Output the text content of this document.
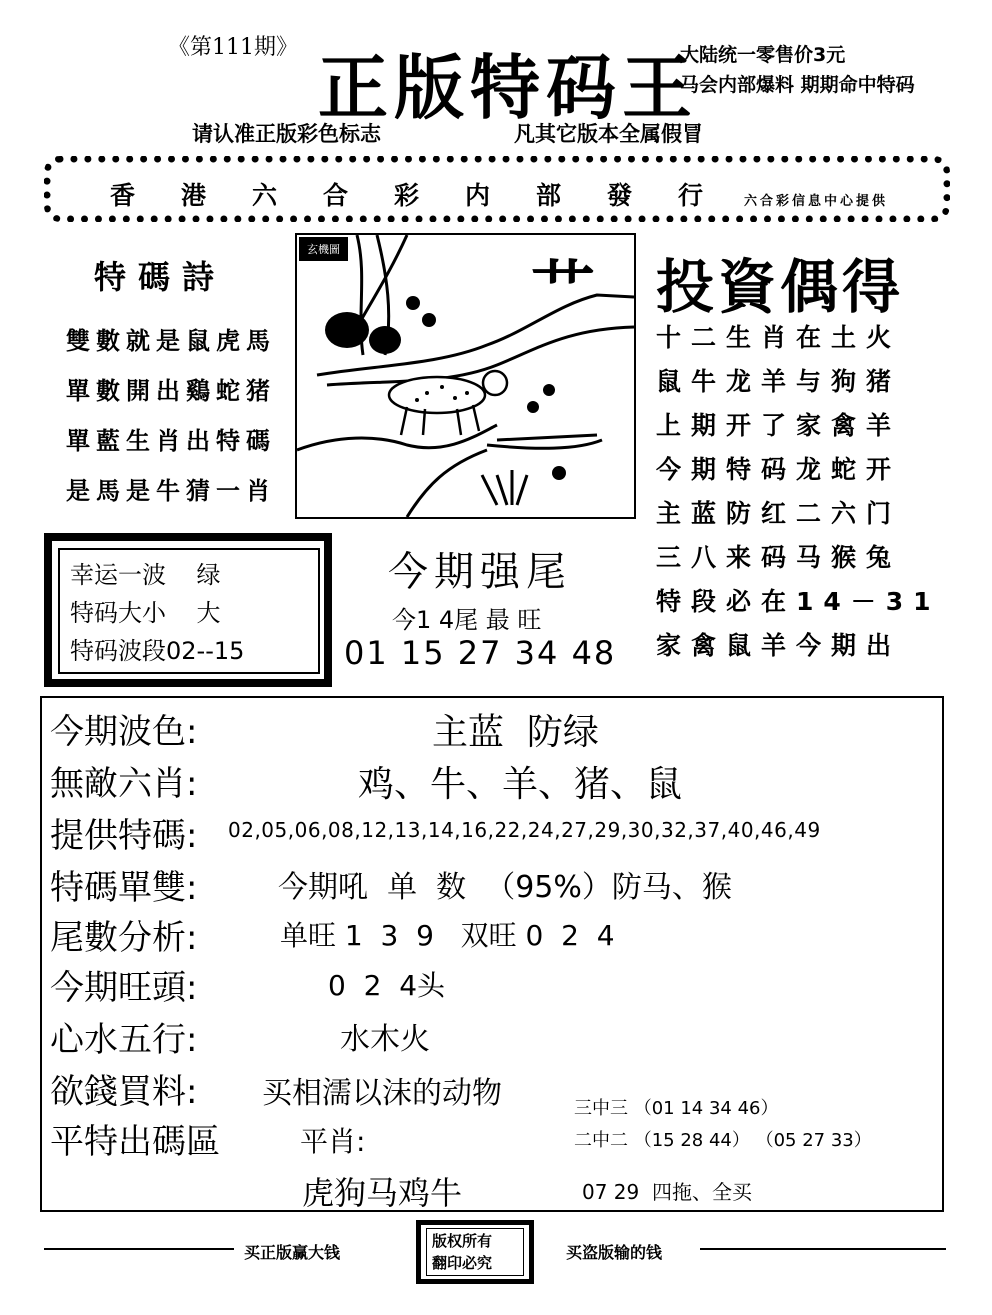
《第111期》 正版特码王
大陆统一零售价3元
马会内部爆料 期期命中特码
请认准正版彩色标志	凡其它版本全属假冒
香港六合彩内部發行
六合彩信息中心提供
特碼詩
雙數就是鼠虎馬
單數開出鷄蛇猪
單藍生肖出特碼
是馬是牛猜一肖
玄機圖
艹 投資偶得
十二生肖在土火
鼠牛龙羊与狗猪
上期开了家禽羊
今期特码龙蛇开
主蓝防红二六门
三八来码马猴兔
特段必在14－31
家禽鼠羊今期出
幸运一波 绿
特码大小 大
特码波段02--15
今期强尾
今1 4尾 最 旺
01 15 27 34 48
今期波色:	主蓝  防绿
無敵六肖:	鸡、牛、羊、猪、鼠
提供特碼: 02,05,06,08,12,13,14,16,22,24,27,29,30,32,37,40,46,49
特碼單雙:	今期吼  单  数  （95%）防马、猴
尾數分析:	单旺 1  3  9   双旺 0  2  4
今期旺頭:	0  2  4头
心水五行:	水木火
欲錢買料: 买相濡以沫的动物
平特出碼區	平肖:
虎狗马鸡牛
三中三 （01 14 34 46）
二中二 （15 28 44） （05 27 33）
07 29  四拖、全买
买正版赢大钱
版权所有
翻印必究
买盗版输的钱
